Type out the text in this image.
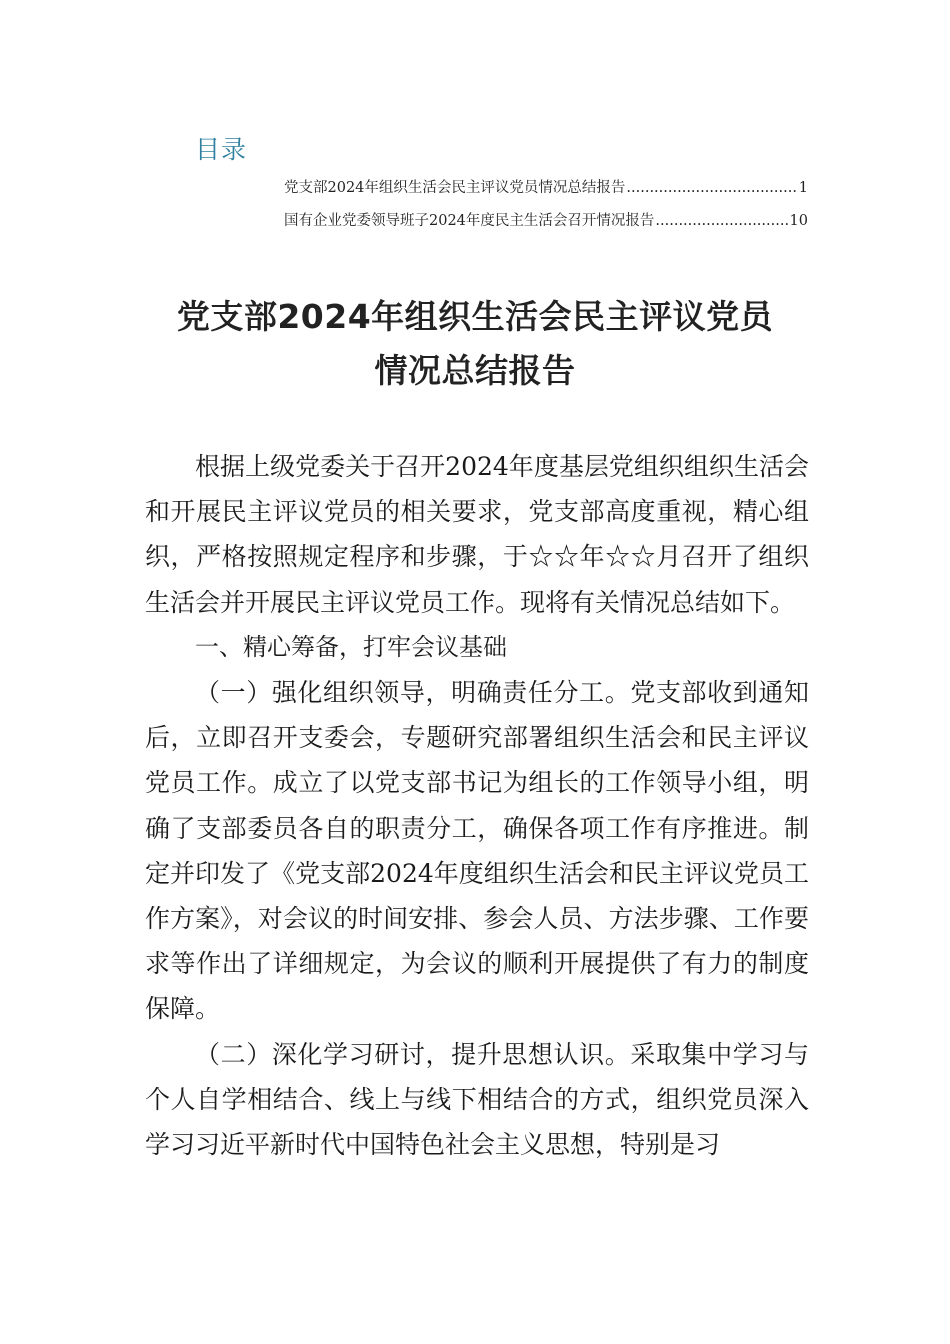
目录
党支部2024年组织生活会民主评议党员情况总结报告 .....	1
国有企业党委领导班子2024年度民主生活会召开情况报告 .....	10
党支部2024年组织生活会民主评议党员
情况总结报告

根据上级党委关于召开2024年度基层党组织组织生活会和开展民主评议党员的相关要求，党支部高度重视，精心组织，严格按照规定程序和步骤，于☆☆年☆☆月召开了组织生活会并开展民主评议党员工作。现将有关情况总结如下。

一、精心筹备，打牢会议基础

（一）强化组织领导，明确责任分工。党支部收到通知后，立即召开支委会，专题研究部署组织生活会和民主评议党员工作。成立了以党支部书记为组长的工作领导小组，明确了支部委员各自的职责分工，确保各项工作有序推进。制定并印发了《党支部2024年度组织生活会和民主评议党员工作方案》，对会议的时间安排、参会人员、方法步骤、工作要求等作出了详细规定，为会议的顺利开展提供了有力的制度保障。

（二）深化学习研讨，提升思想认识。采取集中学习与个人自学相结合、线上与线下相结合的方式，组织党员深入学习习近平新时代中国特色社会主义思想，特别是习
